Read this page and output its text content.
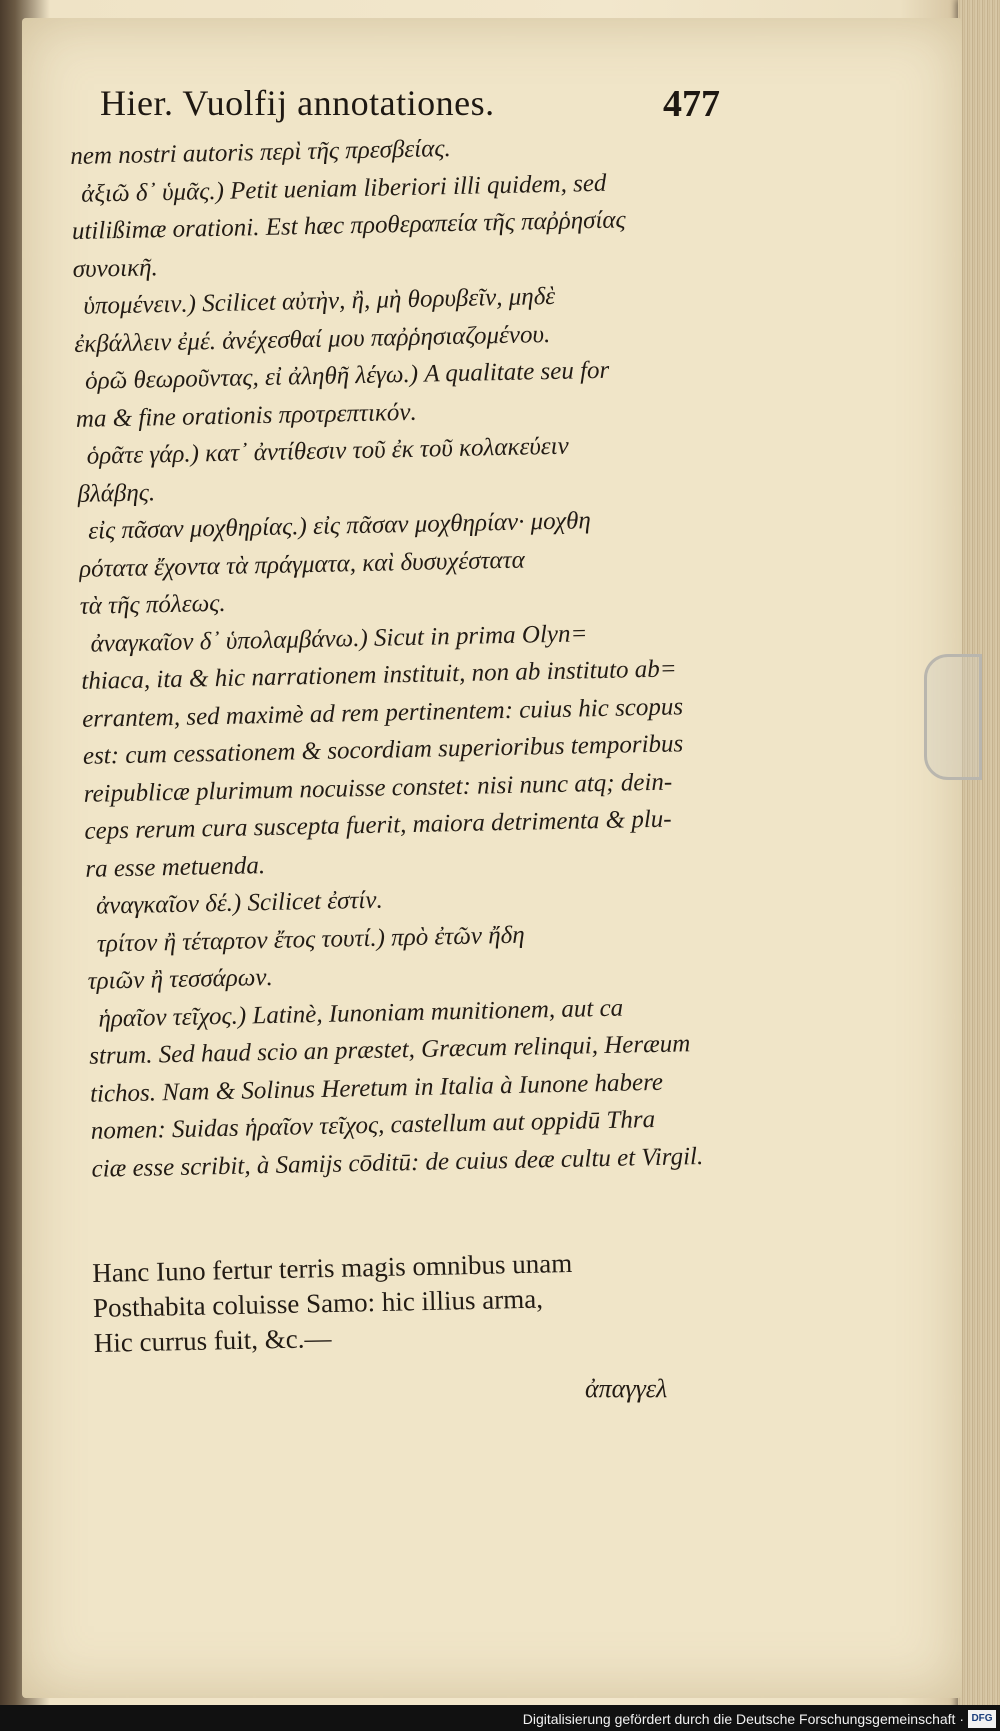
Hier. Vuolfij annotationes.	477
nem nostri autoris περὶ τῆς πρεσβείας.
ἀξιῶ δ᾽ ὑμᾶς.) Petit ueniam liberiori illi quidem, sed
utilißimæ orationi. Est hæc προθεραπεία τῆς παῤῥησίας
συνοικῆ.
ὑπομένειν.) Scilicet αὐτὴν, ἢ, μὴ θορυβεῖν, μηδὲ
ἐκβάλλειν ἐμέ. ἀνέχεσθαί μου παῤῥησιαζομένου.
ὁρῶ θεωροῦντας, εἰ ἀληθῆ λέγω.) A qualitate seu for
ma & fine orationis προτρεπτικόν.
ὁρᾶτε γάρ.) κατ᾽ ἀντίθεσιν τοῦ ἐκ τοῦ κολακεύειν
βλάβης.
εἰς πᾶσαν μοχθηρίας.) εἰς πᾶσαν μοχθηρίαν· μοχθη
ρότατα ἔχοντα τὰ πράγματα, καὶ δυσυχέστατα
τὰ τῆς πόλεως.
ἀναγκαῖον δ᾽ ὑπολαμβάνω.) Sicut in prima Olyn=
thiaca, ita & hic narrationem instituit, non ab instituto ab=
errantem, sed maximè ad rem pertinentem: cuius hic scopus
est: cum cessationem & socordiam superioribus temporibus
reipublicæ plurimum nocuisse constet: nisi nunc atq; dein-
ceps rerum cura suscepta fuerit, maiora detrimenta & plu-
ra esse metuenda.
ἀναγκαῖον δέ.) Scilicet ἐστίν.
τρίτον ἢ τέταρτον ἔτος τουτί.) πρὸ ἐτῶν ἤδη
τριῶν ἢ τεσσάρων.
ἡραῖον τεῖχος.) Latinè, Iunoniam munitionem, aut ca
strum. Sed haud scio an præstet, Græcum relinqui, Heræum
tichos. Nam & Solinus Heretum in Italia à Iunone habere
nomen: Suidas ἡραῖον τεῖχος, castellum aut oppidū Thra
ciæ esse scribit, à Samijs cōditū: de cuius deæ cultu et Virgil.
Hanc Iuno fertur terris magis omnibus unam
Posthabita coluisse Samo: hic illius arma,
Hic currus fuit, &c.—
ἀπαγγελ
Digitalisierung gefördert durch die Deutsche Forschungsgemeinschaft · DFG
